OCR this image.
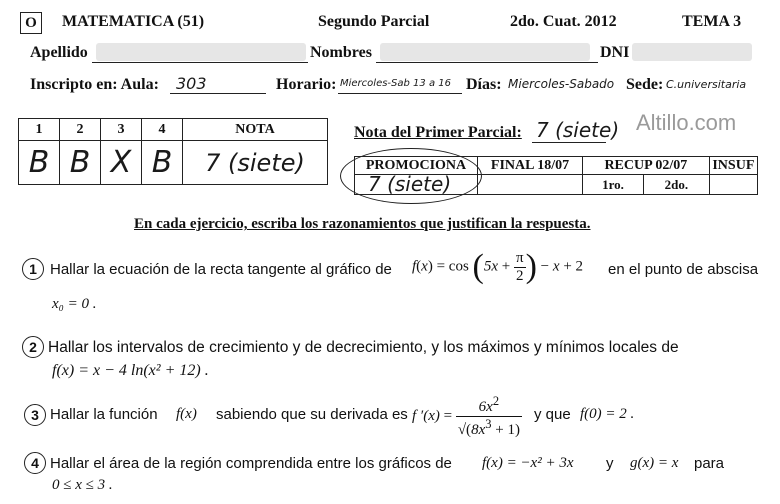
O	MATEMATICA (51)	Segundo Parcial	2do. Cuat. 2012	TEMA 3
Apellido	Nombres	DNI
Inscripto en: Aula: 303	Horario: Miercoles-Sab 13 a 16 Días: Miercoles-Sabado Sede: C.universitaria
Altillo.com
1	2	3	4	NOTA
B	B	X	B	7 (siete)
Nota del Primer Parcial: 7 (siete)
PROMOCIONA	FINAL 18/07	RECUP 02/07		INSUF
		1ro.	2do.	
7 (siete)
En cada ejercicio, escriba los razonamientos que justifican la respuesta.
1 Hallar la ecuación de la recta tangente al gráfico de $f(x) = \cos (5x + \frac{\pi}{2}$ ) − x + 2 en el punto de abscisa
x₀ = 0 .
2 Hallar los intervalos de crecimiento y de decrecimiento, y los máximos y mínimos locales de
f(x) = x − 4 ln(x² + 12) .
3 Hallar la función f(x) sabiendo que su derivada es f $'(x) = \frac{6x^2}{√(8x^3 + 1)}$ y que f(0) = 2 .
4 Hallar el área de la región comprendida entre los gráficos de f(x) = −x² + 3x y g(x) = x para
0 ≤ x ≤ 3 .
